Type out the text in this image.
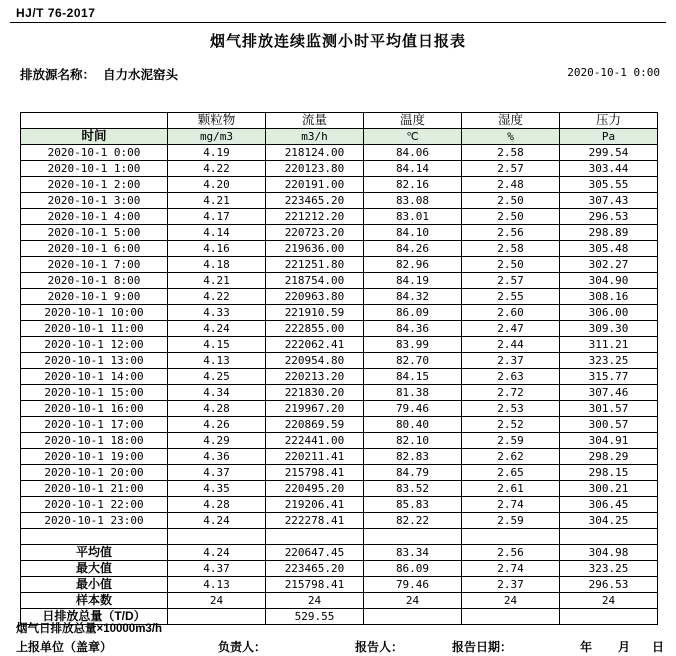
HJ/T 76-2017
烟气排放连续监测小时平均值日报表
排放源名称： 自力水泥窑头	2020-10-1 0:00
	颗粒物	流量	温度	湿度	压力
时间	mg/m3	m3/h	℃	%	Pa
2020-10-1 0:00	4.19	218124.00	84.06	2.58	299.54
2020-10-1 1:00	4.22	220123.80	84.14	2.57	303.44
2020-10-1 2:00	4.20	220191.00	82.16	2.48	305.55
2020-10-1 3:00	4.21	223465.20	83.08	2.50	307.43
2020-10-1 4:00	4.17	221212.20	83.01	2.50	296.53
2020-10-1 5:00	4.14	220723.20	84.10	2.56	298.89
2020-10-1 6:00	4.16	219636.00	84.26	2.58	305.48
2020-10-1 7:00	4.18	221251.80	82.96	2.50	302.27
2020-10-1 8:00	4.21	218754.00	84.19	2.57	304.90
2020-10-1 9:00	4.22	220963.80	84.32	2.55	308.16
2020-10-1 10:00	4.33	221910.59	86.09	2.60	306.00
2020-10-1 11:00	4.24	222855.00	84.36	2.47	309.30
2020-10-1 12:00	4.15	222062.41	83.99	2.44	311.21
2020-10-1 13:00	4.13	220954.80	82.70	2.37	323.25
2020-10-1 14:00	4.25	220213.20	84.15	2.63	315.77
2020-10-1 15:00	4.34	221830.20	81.38	2.72	307.46
2020-10-1 16:00	4.28	219967.20	79.46	2.53	301.57
2020-10-1 17:00	4.26	220869.59	80.40	2.52	300.57
2020-10-1 18:00	4.29	222441.00	82.10	2.59	304.91
2020-10-1 19:00	4.36	220211.41	82.83	2.62	298.29
2020-10-1 20:00	4.37	215798.41	84.79	2.65	298.15
2020-10-1 21:00	4.35	220495.20	83.52	2.61	300.21
2020-10-1 22:00	4.28	219206.41	85.83	2.74	306.45
2020-10-1 23:00	4.24	222278.41	82.22	2.59	304.25

平均值	4.24	220647.45	83.34	2.56	304.98
最大值	4.37	223465.20	86.09	2.74	323.25
最小值	4.13	215798.41	79.46	2.37	296.53
样本数	24	24	24	24	24
日排放总量（T/D）		529.55			
烟气日排放总量×10000m3/h
上报单位（盖章）	负责人：	报告人：	报告日期：	年 月 日
